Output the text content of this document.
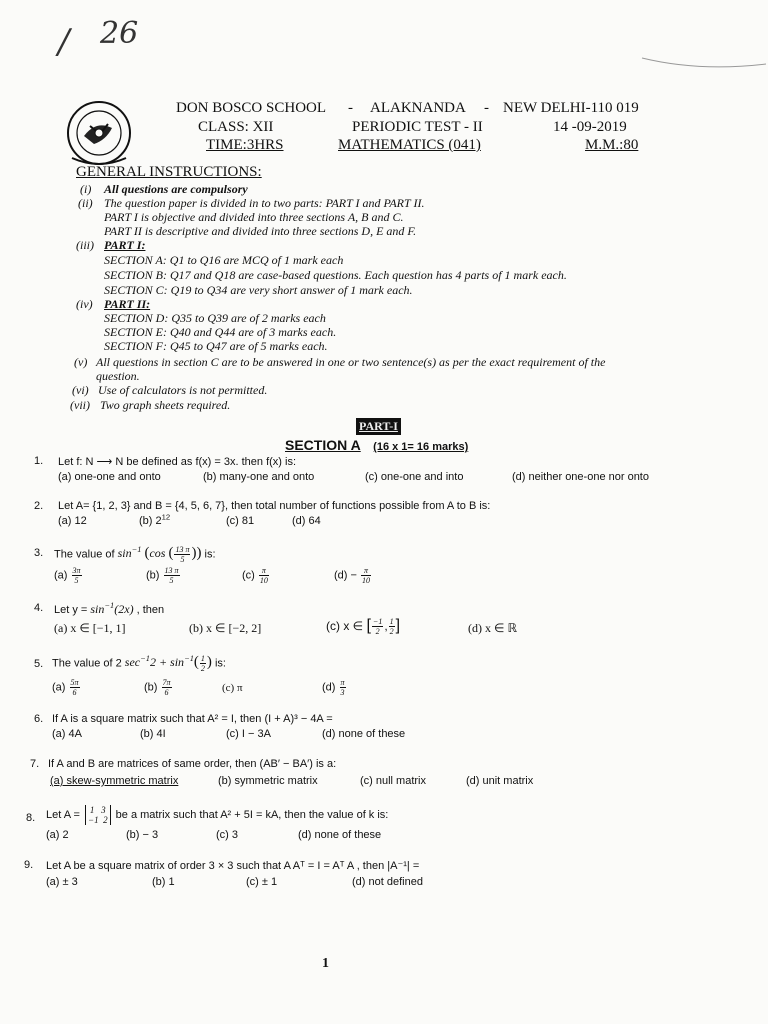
/ 26
DON BOSCO SCHOOL - ALAKNANDA - NEW DELHI-110 019
CLASS: XII	PERIODIC TEST - II	14 -09-2019
TIME:3HRS	MATHEMATICS (041)	M.M.:80
GENERAL INSTRUCTIONS:
(i) All questions are compulsory
(ii) The question paper is divided in to two parts: PART I and PART II.
PART I is objective and divided into three sections A, B and C.
PART II is descriptive and divided into three sections D, E and F.
(iii) PART I:
SECTION A: Q1 to Q16 are MCQ of 1 mark each
SECTION B: Q17 and Q18 are case-based questions. Each question has 4 parts of 1 mark each.
SECTION C: Q19 to Q34 are very short answer of 1 mark each.
(iv) PART II:
SECTION D: Q35 to Q39 are of 2 marks each
SECTION E: Q40 and Q44 are of 3 marks each.
SECTION F: Q45 to Q47 are of 5 marks each.
(v) All questions in section C are to be answered in one or two sentence(s) as per the exact requirement of the
question.
(vi) Use of calculators is not permitted.
(vii) Two graph sheets required.
PART-I
SECTION A (16 x 1= 16 marks)
1. Let f: N ⟶ N be defined as f(x) = 3x. then f(x) is:
(a) one-one and onto	(b) many-one and onto	(c) one-one and into	(d) neither one-one nor onto
2. Let A= {1, 2, 3} and B = {4, 5, 6, 7}, then total number of functions possible from A to B is:
(a) 12	(b) $2^{12}$	(c) 81	(d) 64
3. The value of $\sin^{-1} (\cos$ ( $\frac{13 \pi}{5}$ )) is:
$(a) \frac{3\pi}{5}$	$(b) \frac{13 \pi}{5}$	$(c) \frac{\pi}{10}$	$(d) - \frac{\pi}{10}$
4. Let $y = \sin^{-1}(2x)$ , then
(a) x ∈ [−1, 1]	(b) x ∈ [−2, 2]	(c) x ∈ [ $\frac{-1}{2}$ , $\frac{1}{2}$ ]	(d) x ∈ ℝ
5. The value of 2 $\sec^{-1}2 + \sin^{-1}( \frac{1}{2}$ ) is:
$(a) \frac{5\pi}{6}$	$(b) \frac{7\pi}{6}$	(c) π	$(d) \frac{\pi}{3}$
6. If A is a square matrix such that A² = I, then (I + A)³ − 4A =
(a) 4A	(b) 4I	(c) I − 3A	(d) none of these
7. If A and B are matrices of same order, then (AB′ − BA′) is a:
(a) skew-symmetric matrix	(b) symmetric matrix	(c) null matrix	(d) unit matrix
8. Let A = 1   3
−1  2 be a matrix such that A² + 5I = kA, then the value of k is:
(a) 2	(b) − 3	(c) 3	(d) none of these
9. Let A be a square matrix of order 3 × 3 such that A Aᵀ = I = Aᵀ A , then |A⁻¹| =
(a) ± 3	(b) 1	(c) ± 1	(d) not defined
1
